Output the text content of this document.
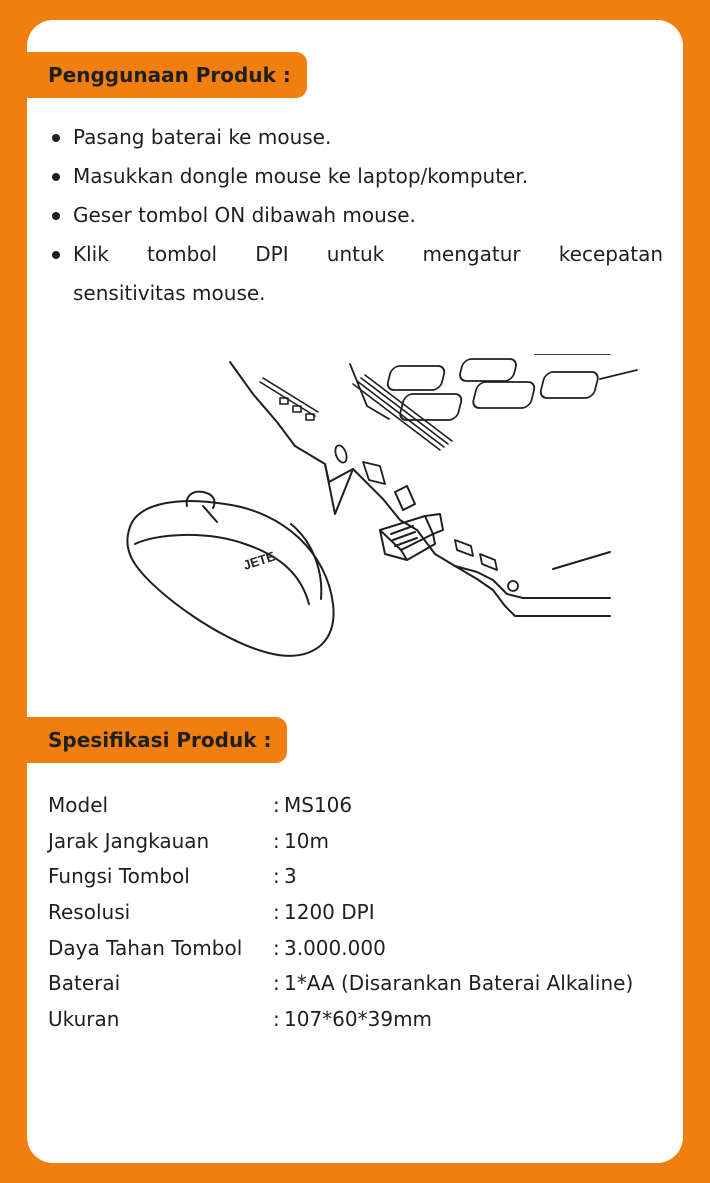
Penggunaan Produk :
Pasang baterai ke mouse.
Masukkan dongle mouse ke laptop/komputer.
Geser tombol ON dibawah mouse.
Klik tombol DPI untuk mengatur kecepatan
sensitivitas mouse.
JETE
Spesifikasi Produk :
Model	:	MS106
Jarak Jangkauan	:	10m
Fungsi Tombol	:	3
Resolusi	:	1200 DPI
Daya Tahan Tombol	:	3.000.000
Baterai	:	1*AA (Disarankan Baterai Alkaline)
Ukuran	:	107*60*39mm
